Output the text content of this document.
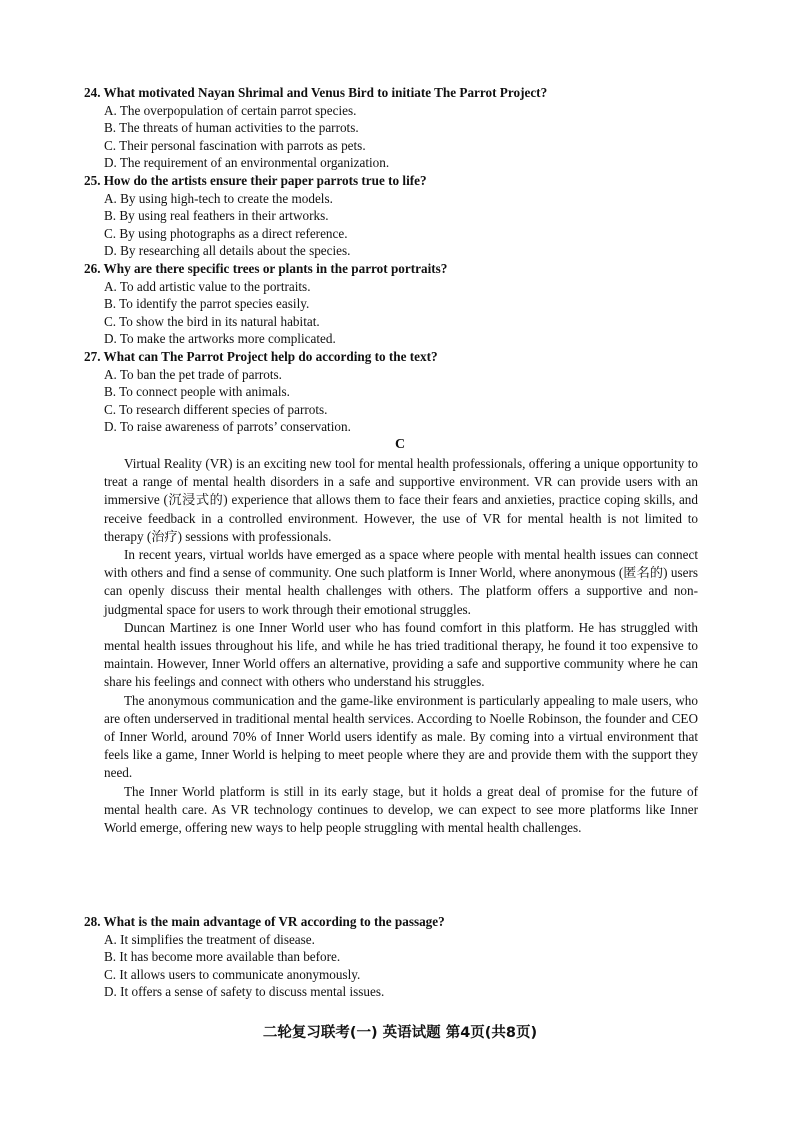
24. What motivated Nayan Shrimal and Venus Bird to initiate The Parrot Project?
A. The overpopulation of certain parrot species.
B. The threats of human activities to the parrots.
C. Their personal fascination with parrots as pets.
D. The requirement of an environmental organization.
25. How do the artists ensure their paper parrots true to life?
A. By using high-tech to create the models.
B. By using real feathers in their artworks.
C. By using photographs as a direct reference.
D. By researching all details about the species.
26. Why are there specific trees or plants in the parrot portraits?
A. To add artistic value to the portraits.
B. To identify the parrot species easily.
C. To show the bird in its natural habitat.
D. To make the artworks more complicated.
27. What can The Parrot Project help do according to the text?
A. To ban the pet trade of parrots.
B. To connect people with animals.
C. To research different species of parrots.
D. To raise awareness of parrots’ conservation.
C

Virtual Reality (VR) is an exciting new tool for mental health professionals, offering a unique opportunity to treat a range of mental health disorders in a safe and supportive environment. VR can provide users with an immersive (沉浸式的) experience that allows them to face their fears and anxieties, practice coping skills, and receive feedback in a controlled environment. However, the use of VR for mental health is not limited to therapy (治疗) sessions with professionals.

In recent years, virtual worlds have emerged as a space where people with mental health issues can connect with others and find a sense of community. One such platform is Inner World, where anonymous (匿名的) users can openly discuss their mental health challenges with others. The platform offers a supportive and non-judgmental space for users to work through their emotional struggles.

Duncan Martinez is one Inner World user who has found comfort in this platform. He has struggled with mental health issues throughout his life, and while he has tried traditional therapy, he found it too expensive to maintain. However, Inner World offers an alternative, providing a safe and supportive community where he can share his feelings and connect with others who understand his struggles.

The anonymous communication and the game-like environment is particularly appealing to male users, who are often underserved in traditional mental health services. According to Noelle Robinson, the founder and CEO of Inner World, around 70% of Inner World users identify as male. By coming into a virtual environment that feels like a game, Inner World is helping to meet people where they are and provide them with the support they need.

The Inner World platform is still in its early stage, but it holds a great deal of promise for the future of mental health care. As VR technology continues to develop, we can expect to see more platforms like Inner World emerge, offering new ways to help people struggling with mental health challenges.

28. What is the main advantage of VR according to the passage?
A. It simplifies the treatment of disease.
B. It has become more available than before.
C. It allows users to communicate anonymously.
D. It offers a sense of safety to discuss mental issues.
二轮复习联考(一) 英语试题 第4页(共8页)
